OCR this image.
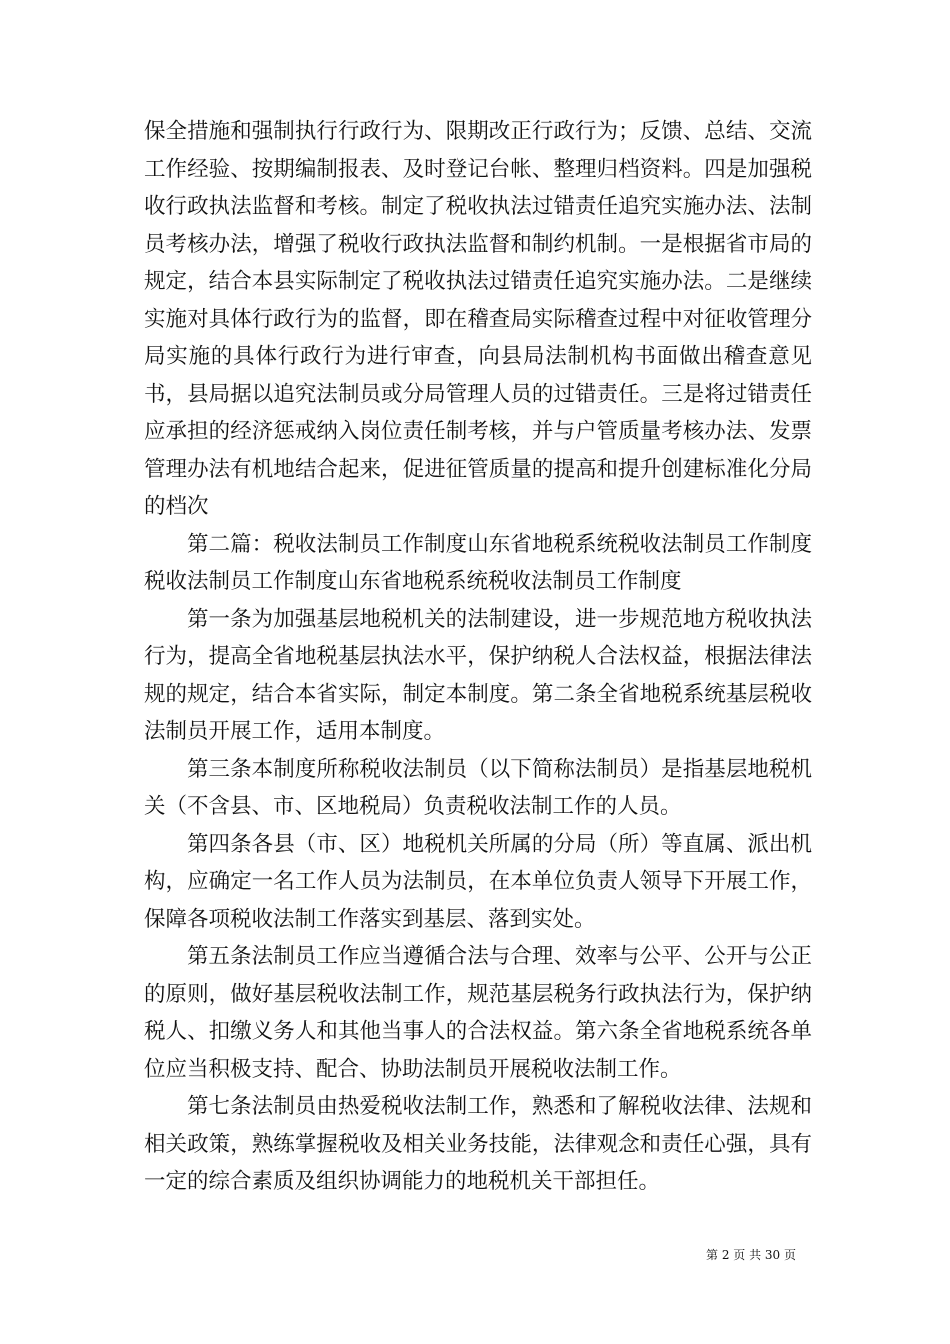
保全措施和强制执行行政行为、限期改正行政行为；反馈、总结、交流工作经验、按期编制报表、及时登记台帐、整理归档资料。四是加强税收行政执法监督和考核。制定了税收执法过错责任追究实施办法、法制员考核办法，增强了税收行政执法监督和制约机制。一是根据省市局的规定，结合本县实际制定了税收执法过错责任追究实施办法。二是继续实施对具体行政行为的监督，即在稽查局实际稽查过程中对征收管理分局实施的具体行政行为进行审查，向县局法制机构书面做出稽查意见书，县局据以追究法制员或分局管理人员的过错责任。三是将过错责任应承担的经济惩戒纳入岗位责任制考核，并与户管质量考核办法、发票管理办法有机地结合起来，促进征管质量的提高和提升创建标准化分局的档次

第二篇：税收法制员工作制度山东省地税系统税收法制员工作制度税收法制员工作制度山东省地税系统税收法制员工作制度

第一条为加强基层地税机关的法制建设，进一步规范地方税收执法行为，提高全省地税基层执法水平，保护纳税人合法权益，根据法律法规的规定，结合本省实际，制定本制度。第二条全省地税系统基层税收法制员开展工作，适用本制度。

第三条本制度所称税收法制员（以下简称法制员）是指基层地税机关（不含县、市、区地税局）负责税收法制工作的人员。

第四条各县（市、区）地税机关所属的分局（所）等直属、派出机构，应确定一名工作人员为法制员，在本单位负责人领导下开展工作，保障各项税收法制工作落实到基层、落到实处。

第五条法制员工作应当遵循合法与合理、效率与公平、公开与公正的原则，做好基层税收法制工作，规范基层税务行政执法行为，保护纳税人、扣缴义务人和其他当事人的合法权益。第六条全省地税系统各单位应当积极支持、配合、协助法制员开展税收法制工作。

第七条法制员由热爱税收法制工作，熟悉和了解税收法律、法规和相关政策，熟练掌握税收及相关业务技能，法律观念和责任心强，具有一定的综合素质及组织协调能力的地税机关干部担任。

第 2 页 共 30 页
